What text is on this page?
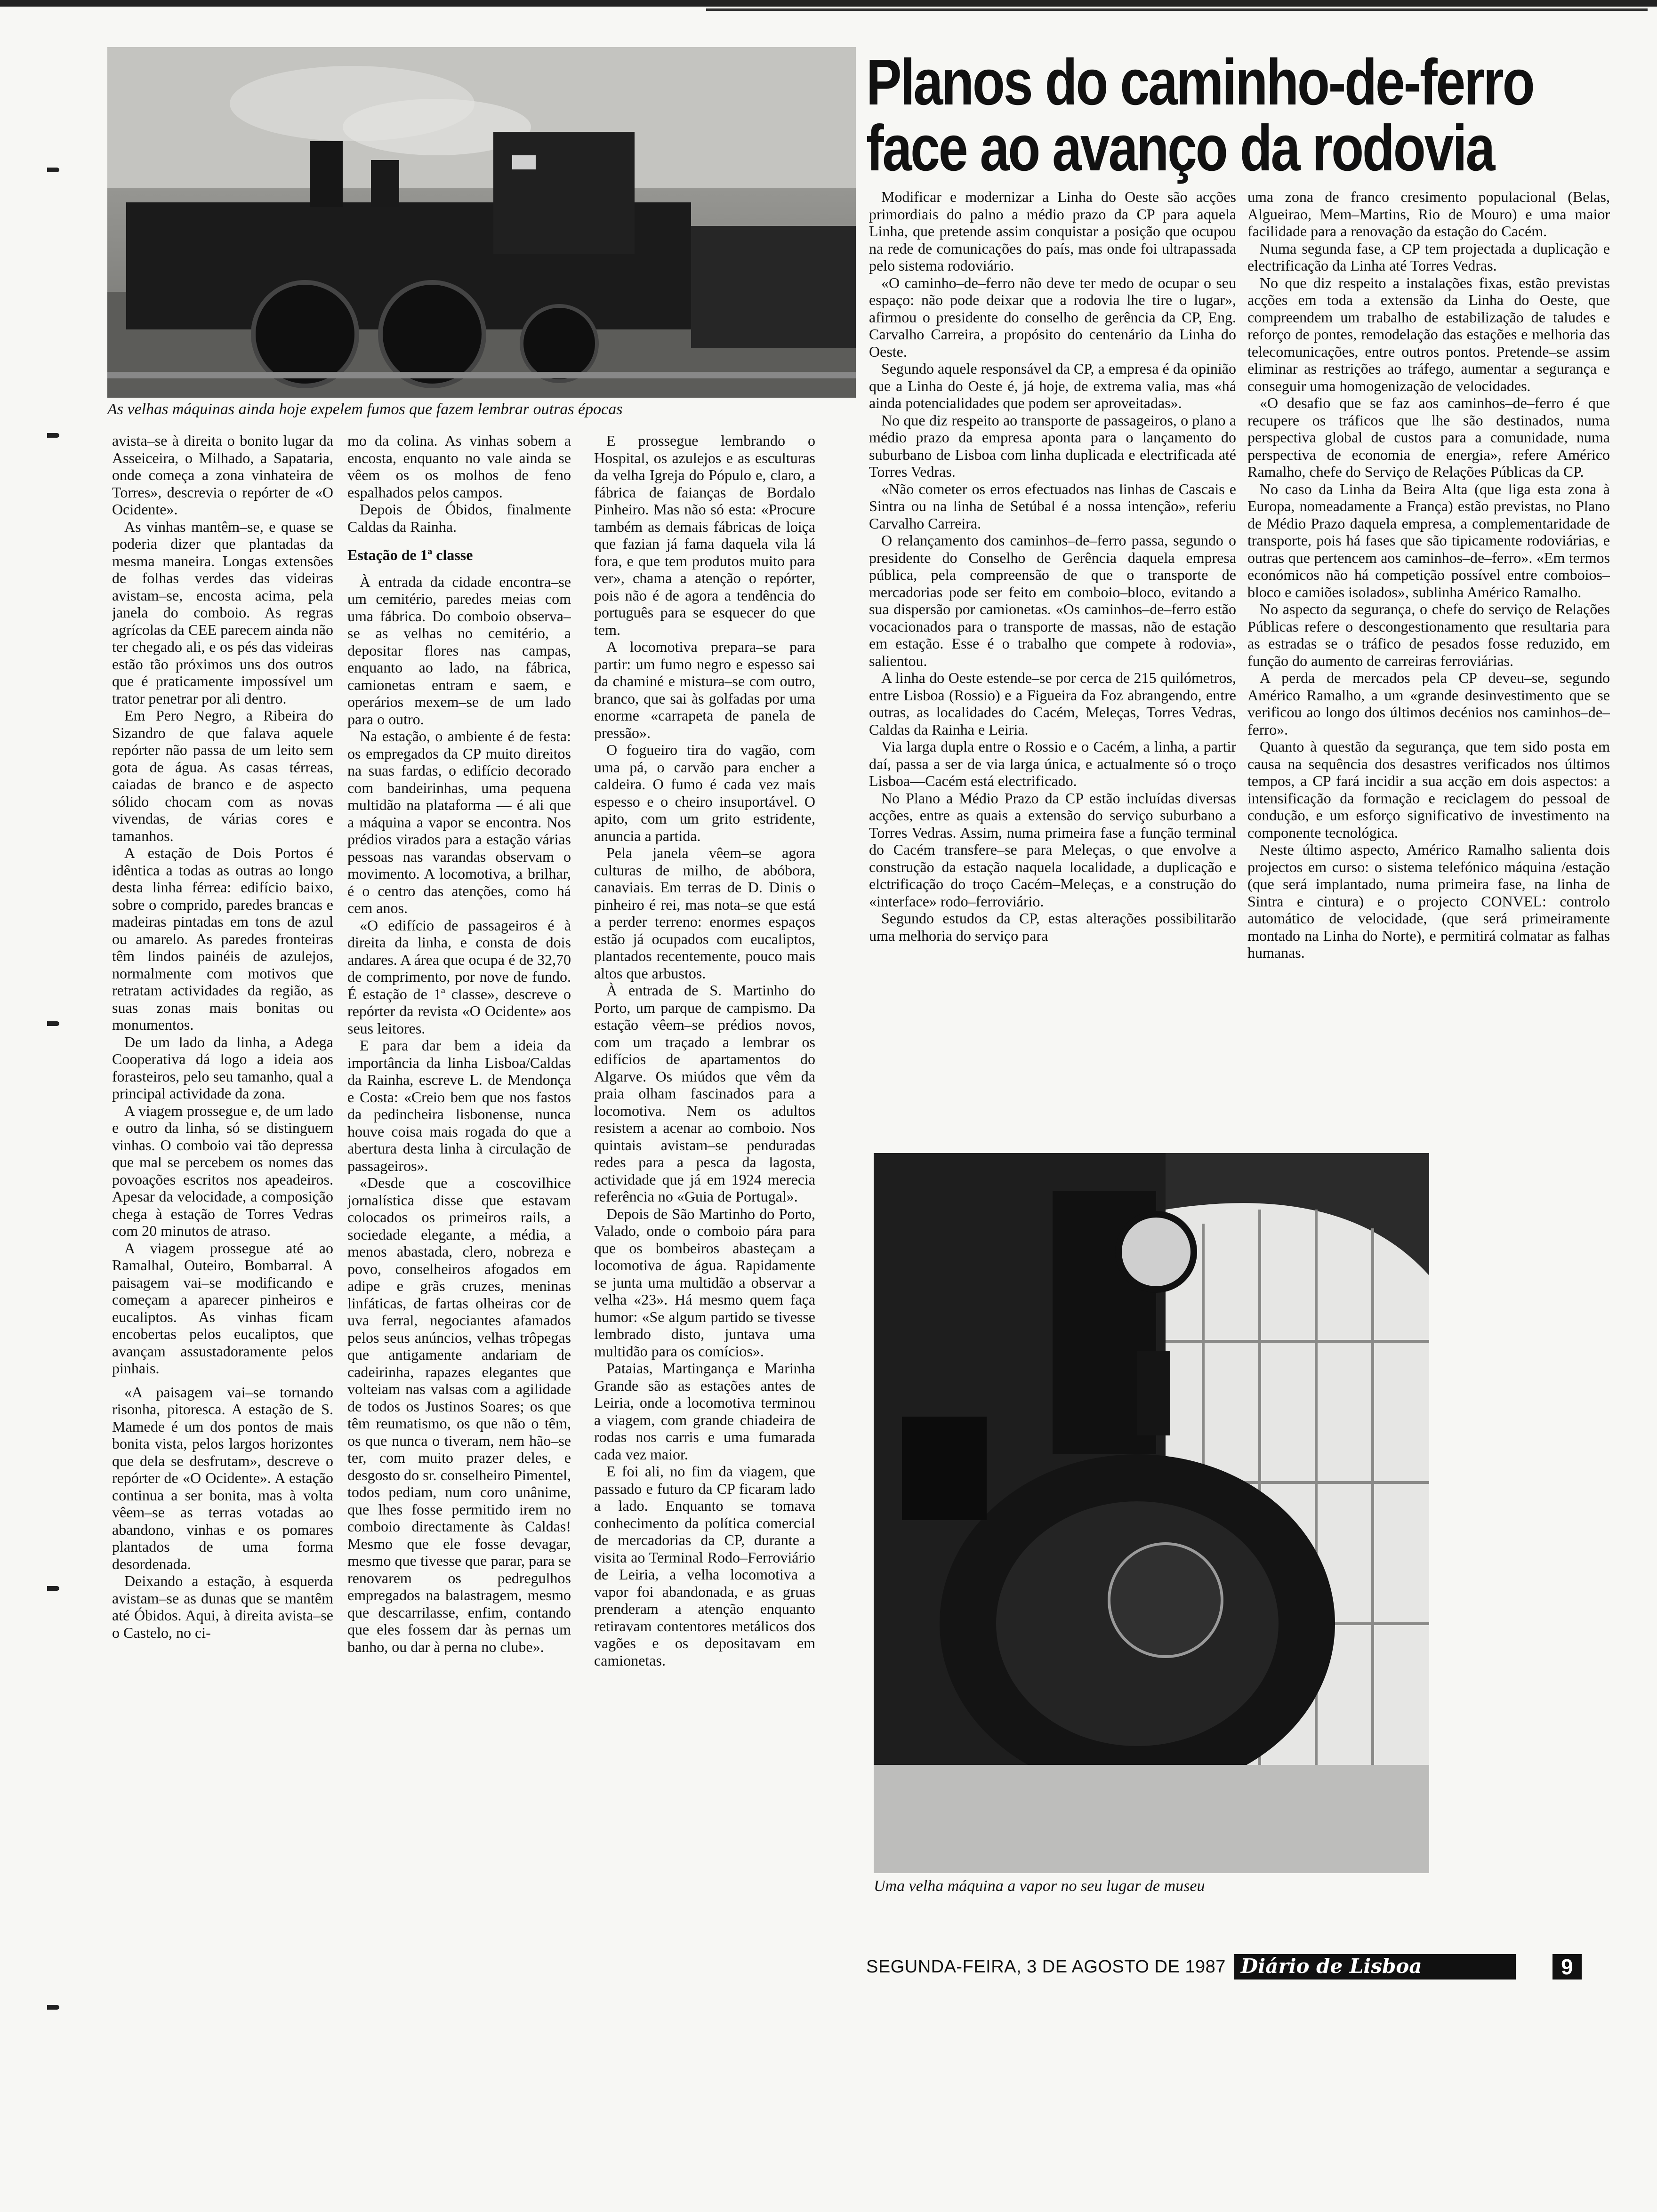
As velhas máquinas ainda hoje expelem fumos que fazem lembrar outras épocas
Planos do caminho-de-ferro
face ao avanço da rodovia

avista–se à direita o bonito lugar da Asseiceira, o Milhado, a Sapataria, onde começa a zona vinhateira de Torres», descrevia o repórter de «O Ocidente».

As vinhas mantêm–se, e quase se poderia dizer que plantadas da mesma maneira. Longas extensões de folhas verdes das videiras avistam–se, encosta acima, pela janela do comboio. As regras agrícolas da CEE parecem ainda não ter chegado ali, e os pés das videiras estão tão próximos uns dos outros que é praticamente impossível um trator penetrar por ali dentro.

Em Pero Negro, a Ribeira do Sizandro de que falava aquele repórter não passa de um leito sem gota de água. As casas térreas, caiadas de branco e de aspecto sólido chocam com as novas vivendas, de várias cores e tamanhos.

A estação de Dois Portos é idêntica a todas as outras ao longo desta linha férrea: edifício baixo, sobre o comprido, paredes brancas e madeiras pintadas em tons de azul ou amarelo. As paredes fronteiras têm lindos painéis de azulejos, normalmente com motivos que retratam actividades da região, as suas zonas mais bonitas ou monumentos.

De um lado da linha, a Adega Cooperativa dá logo a ideia aos forasteiros, pelo seu tamanho, qual a principal actividade da zona.

A viagem prossegue e, de um lado e outro da linha, só se distinguem vinhas. O comboio vai tão depressa que mal se percebem os nomes das povoações escritos nos apeadeiros. Apesar da velocidade, a composição chega à estação de Torres Vedras com 20 minutos de atraso.

A viagem prossegue até ao Ramalhal, Outeiro, Bombarral. A paisagem vai–se modificando e começam a aparecer pinheiros e eucaliptos. As vinhas ficam encobertas pelos eucaliptos, que avançam assustadoramente pelos pinhais.

«A paisagem vai–se tornando risonha, pitoresca. A estação de S. Mamede é um dos pontos de mais bonita vista, pelos largos horizontes que dela se desfrutam», descreve o repórter de «O Ocidente». A estação continua a ser bonita, mas à volta vêem–se as terras votadas ao abandono, vinhas e os pomares plantados de uma forma desordenada.

Deixando a estação, à esquerda avistam–se as dunas que se mantêm até Óbidos. Aqui, à direita avista–se o Castelo, no ci-

mo da colina. As vinhas sobem a encosta, enquanto no vale ainda se vêem os os molhos de feno espalhados pelos campos.

Depois de Óbidos, finalmente Caldas da Rainha.

Estação de 1ª classe

À entrada da cidade encontra–se um cemitério, paredes meias com uma fábrica. Do comboio observa–se as velhas no cemitério, a depositar flores nas campas, enquanto ao lado, na fábrica, camionetas entram e saem, e operários mexem–se de um lado para o outro.

Na estação, o ambiente é de festa: os empregados da CP muito direitos na suas fardas, o edifício decorado com bandeirinhas, uma pequena multidão na plataforma — é ali que a máquina a vapor se encontra. Nos prédios virados para a estação várias pessoas nas varandas observam o movimento. A locomotiva, a brilhar, é o centro das atenções, como há cem anos.

«O edifício de passageiros é à direita da linha, e consta de dois andares. A área que ocupa é de 32,70 de comprimento, por nove de fundo. É estação de 1ª classe», descreve o repórter da revista «O Ocidente» aos seus leitores.

E para dar bem a ideia da importância da linha Lisboa/Caldas da Rainha, escreve L. de Mendonça e Costa: «Creio bem que nos fastos da pedincheira lisbonense, nunca houve coisa mais rogada do que a abertura desta linha à circulação de passageiros».

«Desde que a coscovilhice jornalística disse que estavam colocados os primeiros rails, a sociedade elegante, a média, a menos abastada, clero, nobreza e povo, conselheiros afogados em adipe e grãs cruzes, meninas linfáticas, de fartas olheiras cor de uva ferral, negociantes afamados pelos seus anúncios, velhas trôpegas que antigamente andariam de cadeirinha, rapazes elegantes que volteiam nas valsas com a agilidade de todos os Justinos Soares; os que têm reumatismo, os que não o têm, os que nunca o tiveram, nem hão–se ter, com muito prazer deles, e desgosto do sr. conselheiro Pimentel, todos pediam, num coro unânime, que lhes fosse permitido irem no comboio directamente às Caldas! Mesmo que ele fosse devagar, mesmo que tivesse que parar, para se renovarem os pedregulhos empregados na balastragem, mesmo que descarrilasse, enfim, contando que eles fossem dar às pernas um banho, ou dar à perna no clube».

E prossegue lembrando o Hospital, os azulejos e as esculturas da velha Igreja do Pópulo e, claro, a fábrica de faianças de Bordalo Pinheiro. Mas não só esta: «Procure também as demais fábricas de loiça que fazian já fama daquela vila lá fora, e que tem produtos muito para ver», chama a atenção o repórter, pois não é de agora a tendência do português para se esquecer do que tem.

A locomotiva prepara–se para partir: um fumo negro e espesso sai da chaminé e mistura–se com outro, branco, que sai às golfadas por uma enorme «carrapeta de panela de pressão».

O fogueiro tira do vagão, com uma pá, o carvão para encher a caldeira. O fumo é cada vez mais espesso e o cheiro insuportável. O apito, com um grito estridente, anuncia a partida.

Pela janela vêem–se agora culturas de milho, de abóbora, canaviais. Em terras de D. Dinis o pinheiro é rei, mas nota–se que está a perder terreno: enormes espaços estão já ocupados com eucaliptos, plantados recentemente, pouco mais altos que arbustos.

À entrada de S. Martinho do Porto, um parque de campismo. Da estação vêem–se prédios novos, com um traçado a lembrar os edifícios de apartamentos do Algarve. Os miúdos que vêm da praia olham fascinados para a locomotiva. Nem os adultos resistem a acenar ao comboio. Nos quintais avistam–se penduradas redes para a pesca da lagosta, actividade que já em 1924 merecia referência no «Guia de Portugal».

Depois de São Martinho do Porto, Valado, onde o comboio pára para que os bombeiros abasteçam a locomotiva de água. Rapidamente se junta uma multidão a observar a velha «23». Há mesmo quem faça humor: «Se algum partido se tivesse lembrado disto, juntava uma multidão para os comícios».

Pataias, Martingança e Marinha Grande são as estações antes de Leiria, onde a locomotiva terminou a viagem, com grande chiadeira de rodas nos carris e uma fumarada cada vez maior.

E foi ali, no fim da viagem, que passado e futuro da CP ficaram lado a lado. Enquanto se tomava conhecimento da política comercial de mercadorias da CP, durante a visita ao Terminal Rodo–Ferroviário de Leiria, a velha locomotiva a vapor foi abandonada, e as gruas prenderam a atenção enquanto retiravam contentores metálicos dos vagões e os depositavam em camionetas.

Modificar e modernizar a Linha do Oeste são acções primordiais do palno a médio prazo da CP para aquela Linha, que pretende assim conquistar a posição que ocupou na rede de comunicações do país, mas onde foi ultrapassada pelo sistema rodoviário.

«O caminho–de–ferro não deve ter medo de ocupar o seu espaço: não pode deixar que a rodovia lhe tire o lugar», afirmou o presidente do conselho de gerência da CP, Eng. Carvalho Carreira, a propósito do centenário da Linha do Oeste.

Segundo aquele responsável da CP, a empresa é da opinião que a Linha do Oeste é, já hoje, de extrema valia, mas «há ainda potencialidades que podem ser aproveitadas».

No que diz respeito ao transporte de passageiros, o plano a médio prazo da empresa aponta para o lançamento do suburbano de Lisboa com linha duplicada e electrificada até Torres Vedras.

«Não cometer os erros efectuados nas linhas de Cascais e Sintra ou na linha de Setúbal é a nossa intenção», referiu Carvalho Carreira.

O relançamento dos caminhos–de–ferro passa, segundo o presidente do Conselho de Gerência daquela empresa pública, pela compreensão de que o transporte de mercadorias pode ser feito em comboio–bloco, evitando a sua dispersão por camionetas. «Os caminhos–de–ferro estão vocacionados para o transporte de massas, não de estação em estação. Esse é o trabalho que compete à rodovia», salientou.

A linha do Oeste estende–se por cerca de 215 quilómetros, entre Lisboa (Rossio) e a Figueira da Foz abrangendo, entre outras, as localidades do Cacém, Meleças, Torres Vedras, Caldas da Rainha e Leiria.

Via larga dupla entre o Rossio e o Cacém, a linha, a partir daí, passa a ser de via larga única, e actualmente só o troço Lisboa—Cacém está electrificado.

No Plano a Médio Prazo da CP estão incluídas diversas acções, entre as quais a extensão do serviço suburbano a Torres Vedras. Assim, numa primeira fase a função terminal do Cacém transfere–se para Meleças, o que envolve a construção da estação naquela localidade, a duplicação e elctrificação do troço Cacém–Meleças, e a construção do «interface» rodo–ferroviário.

Segundo estudos da CP, estas alterações possibilitarão uma melhoria do serviço para

uma zona de franco cresimento populacional (Belas, Algueirao, Mem–Martins, Rio de Mouro) e uma maior facilidade para a renovação da estação do Cacém.

Numa segunda fase, a CP tem projectada a duplicação e electrificação da Linha até Torres Vedras.

No que diz respeito a instalações fixas, estão previstas acções em toda a extensão da Linha do Oeste, que compreendem um trabalho de estabilização de taludes e reforço de pontes, remodelação das estações e melhoria das telecomunicações, entre outros pontos. Pretende–se assim eliminar as restrições ao tráfego, aumentar a segurança e conseguir uma homogenização de velocidades.

«O desafio que se faz aos caminhos–de–ferro é que recupere os tráficos que lhe são destinados, numa perspectiva global de custos para a comunidade, numa perspectiva de economia de energia», refere Américo Ramalho, chefe do Serviço de Relações Públicas da CP.

No caso da Linha da Beira Alta (que liga esta zona à Europa, nomeadamente a França) estão previstas, no Plano de Médio Prazo daquela empresa, a complementaridade de transporte, pois há fases que são tipicamente rodoviárias, e outras que pertencem aos caminhos–de–ferro». «Em termos económicos não há competição possível entre comboios–bloco e camiões isolados», sublinha Américo Ramalho.

No aspecto da segurança, o chefe do serviço de Relações Públicas refere o descongestionamento que resultaria para as estradas se o tráfico de pesados fosse reduzido, em função do aumento de carreiras ferroviárias.

A perda de mercados pela CP deveu–se, segundo Américo Ramalho, a um «grande desinvestimento que se verificou ao longo dos últimos decénios nos caminhos–de–ferro».

Quanto à questão da segurança, que tem sido posta em causa na sequência dos desastres verificados nos últimos tempos, a CP fará incidir a sua acção em dois aspectos: a intensificação da formação e reciclagem do pessoal de condução, e um esforço significativo de investimento na componente tecnológica.

Neste último aspecto, Américo Ramalho salienta dois projectos em curso: o sistema telefónico máquina /estação (que será implantado, numa primeira fase, na linha de Sintra e cintura) e o projecto CONVEL: controlo automático de velocidade, (que será primeiramente montado na Linha do Norte), e permitirá colmatar as falhas humanas.

Uma velha máquina a vapor no seu lugar de museu
SEGUNDA-FEIRA, 3 DE AGOSTO DE 1987 Diário de Lisboa	9
